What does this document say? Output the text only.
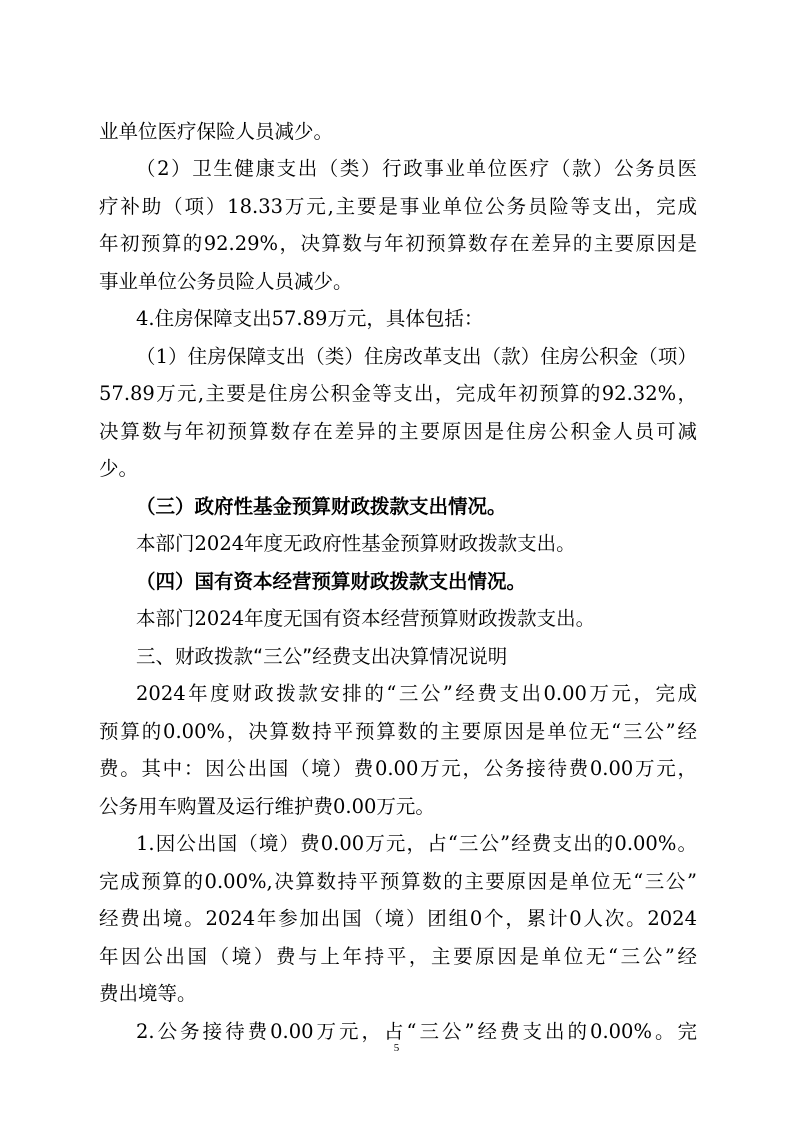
业单位医疗保险人员减少。
（2）卫生健康支出（类）行政事业单位医疗（款）公务员医
疗补助（项）18.33万元,主要是事业单位公务员险等支出，完成
年初预算的92.29%，决算数与年初预算数存在差异的主要原因是
事业单位公务员险人员减少。
4.住房保障支出57.89万元，具体包括：
（1）住房保障支出（类）住房改革支出（款）住房公积金（项）
57.89万元,主要是住房公积金等支出，完成年初预算的92.32%，
决算数与年初预算数存在差异的主要原因是住房公积金人员可减
少。
（三）政府性基金预算财政拨款支出情况。
本部门2024年度无政府性基金预算财政拨款支出。
（四）国有资本经营预算财政拨款支出情况。
本部门2024年度无国有资本经营预算财政拨款支出。
三、财政拨款“三公”经费支出决算情况说明
2024年度财政拨款安排的“三公”经费支出0.00万元，完成
预算的0.00%，决算数持平预算数的主要原因是单位无“三公”经
费。其中：因公出国（境）费0.00万元，公务接待费0.00万元，
公务用车购置及运行维护费0.00万元。
1.因公出国（境）费0.00万元，占“三公”经费支出的0.00%。
完成预算的0.00%,决算数持平预算数的主要原因是单位无“三公”
经费出境。2024年参加出国（境）团组0个，累计0人次。2024
年因公出国（境）费与上年持平，主要原因是单位无“三公”经
费出境等。
2.公务接待费0.00万元，占“三公”经费支出的0.00%。完
5
